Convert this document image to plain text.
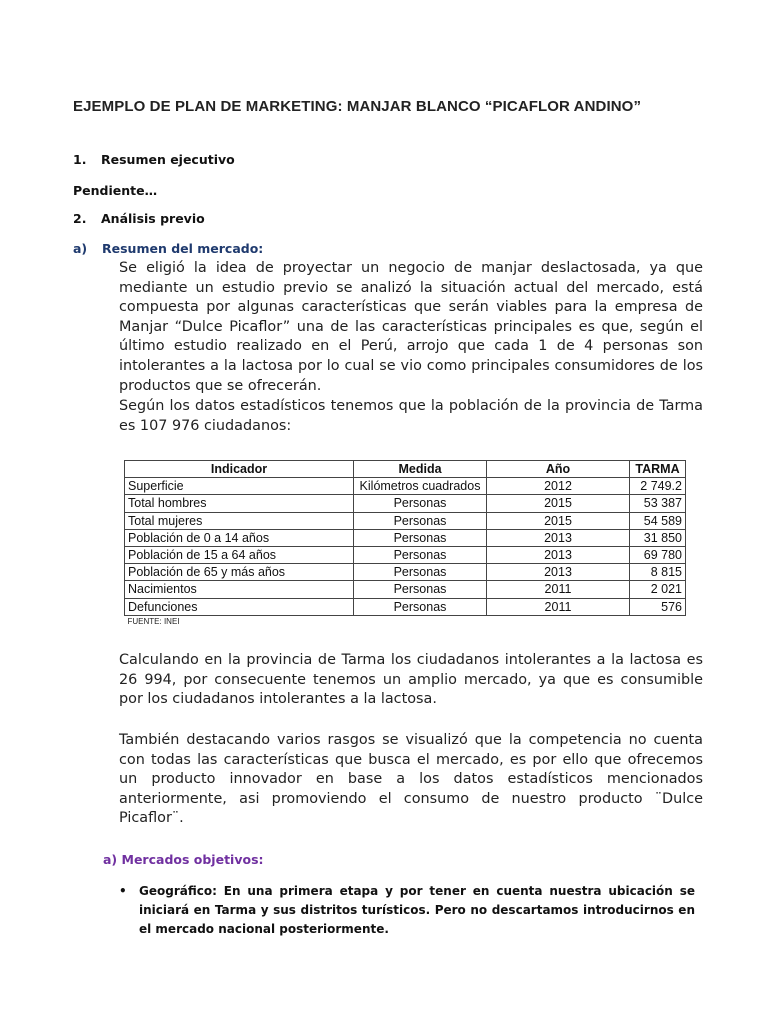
EJEMPLO DE PLAN DE MARKETING: MANJAR BLANCO “PICAFLOR ANDINO”
1. Resumen ejecutivo
Pendiente…
2. Análisis previo
a) Resumen del mercado:
Se eligió la idea de proyectar un negocio de manjar deslactosada, ya que mediante un estudio previo se analizó la situación actual del mercado, está compuesta por algunas características que serán viables para la empresa de Manjar “Dulce Picaflor” una de las características principales es que, según el último estudio realizado en el Perú, arrojo que cada 1 de 4 personas son intolerantes a la lactosa por lo cual se vio como principales consumidores de los productos que se ofrecerán.
Según los datos estadísticos tenemos que la población de la provincia de Tarma es 107 976 ciudadanos:
Indicador	Medida	Año	TARMA
Superficie	Kilómetros cuadrados	2012	2 749.2
Total hombres	Personas	2015	53 387
Total mujeres	Personas	2015	54 589
Población de 0 a 14 años	Personas	2013	31 850
Población de 15 a 64 años	Personas	2013	69 780
Población de 65 y más años	Personas	2013	8 815
Nacimientos	Personas	2011	2 021
Defunciones	Personas	2011	576
FUENTE: INEI			
Calculando en la provincia de Tarma los ciudadanos intolerantes a la lactosa es 26 994, por consecuente tenemos un amplio mercado, ya que es consumible por los ciudadanos intolerantes a la lactosa.
También destacando varios rasgos se visualizó que la competencia no cuenta con todas las características que busca el mercado, es por ello que ofrecemos un producto innovador en base a los datos estadísticos mencionados anteriormente, asi promoviendo el consumo de nuestro producto ¨Dulce Picaflor¨.
a) Mercados objetivos:
• Geográfico: En una primera etapa y por tener en cuenta nuestra ubicación se iniciará en Tarma y sus distritos turísticos. Pero no descartamos introducirnos en el mercado nacional posteriormente.
